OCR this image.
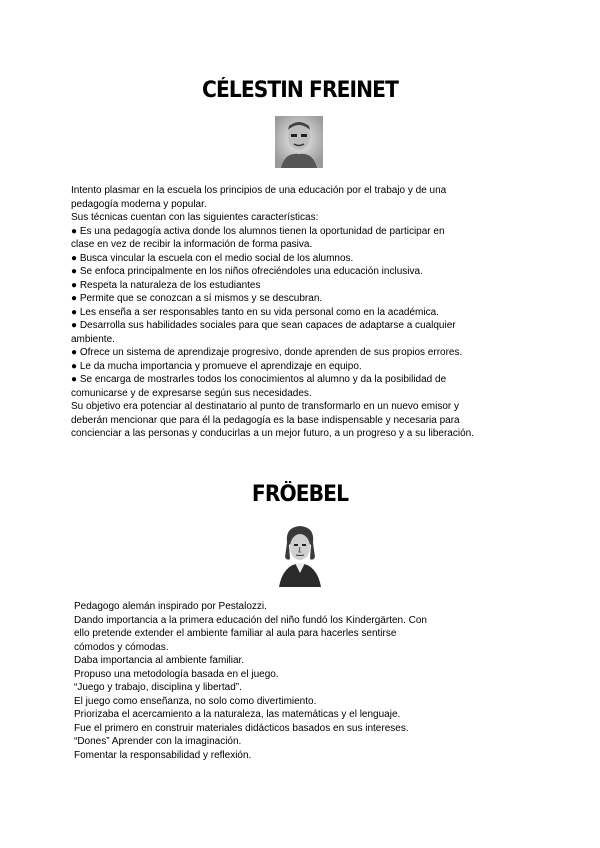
CÉLESTIN FREINET
Intento plasmar en la escuela los principios de una educación por el trabajo y de una
pedagogía moderna y popular.
Sus técnicas cuentan con las siguientes características:
● Es una pedagogía activa donde los alumnos tienen la oportunidad de participar en
clase en vez de recibir la información de forma pasiva.
● Busca vincular la escuela con el medio social de los alumnos.
● Se enfoca principalmente en los niños ofreciéndoles una educación inclusiva.
● Respeta la naturaleza de los estudiantes
● Permite que se conozcan a sí mismos y se descubran.
● Les enseña a ser responsables tanto en su vida personal como en la académica.
● Desarrolla sus habilidades sociales para que sean capaces de adaptarse a cualquier
ambiente.
● Ofrece un sistema de aprendizaje progresivo, donde aprenden de sus propios errores.
● Le da mucha importancia y promueve el aprendizaje en equipo.
● Se encarga de mostrarles todos los conocimientos al alumno y da la posibilidad de
comunicarse y de expresarse según sus necesidades.
Su objetivo era potenciar al destinatario al punto de transformarlo en un nuevo emisor y
deberán mencionar que para él la pedagogía es la base indispensable y necesaria para
concienciar a las personas y conducirlas a un mejor futuro, a un progreso y a su liberación.
FRÖEBEL
Pedagogo alemán inspirado por Pestalozzi.
Dando importancia a la primera educación del niño fundó los Kindergärten. Con
ello pretende extender el ambiente familiar al aula para hacerles sentirse
cómodos y cómodas.
Daba importancia al ambiente familiar.
Propuso una metodología basada en el juego.
“Juego y trabajo, disciplina y libertad”.
El juego como enseñanza, no solo como divertimiento.
Priorizaba el acercamiento a la naturaleza, las matemáticas y el lenguaje.
Fue el primero en construir materiales didácticos basados en sus intereses.
“Dones” Aprender con la imaginación.
Fomentar la responsabilidad y reflexión.
